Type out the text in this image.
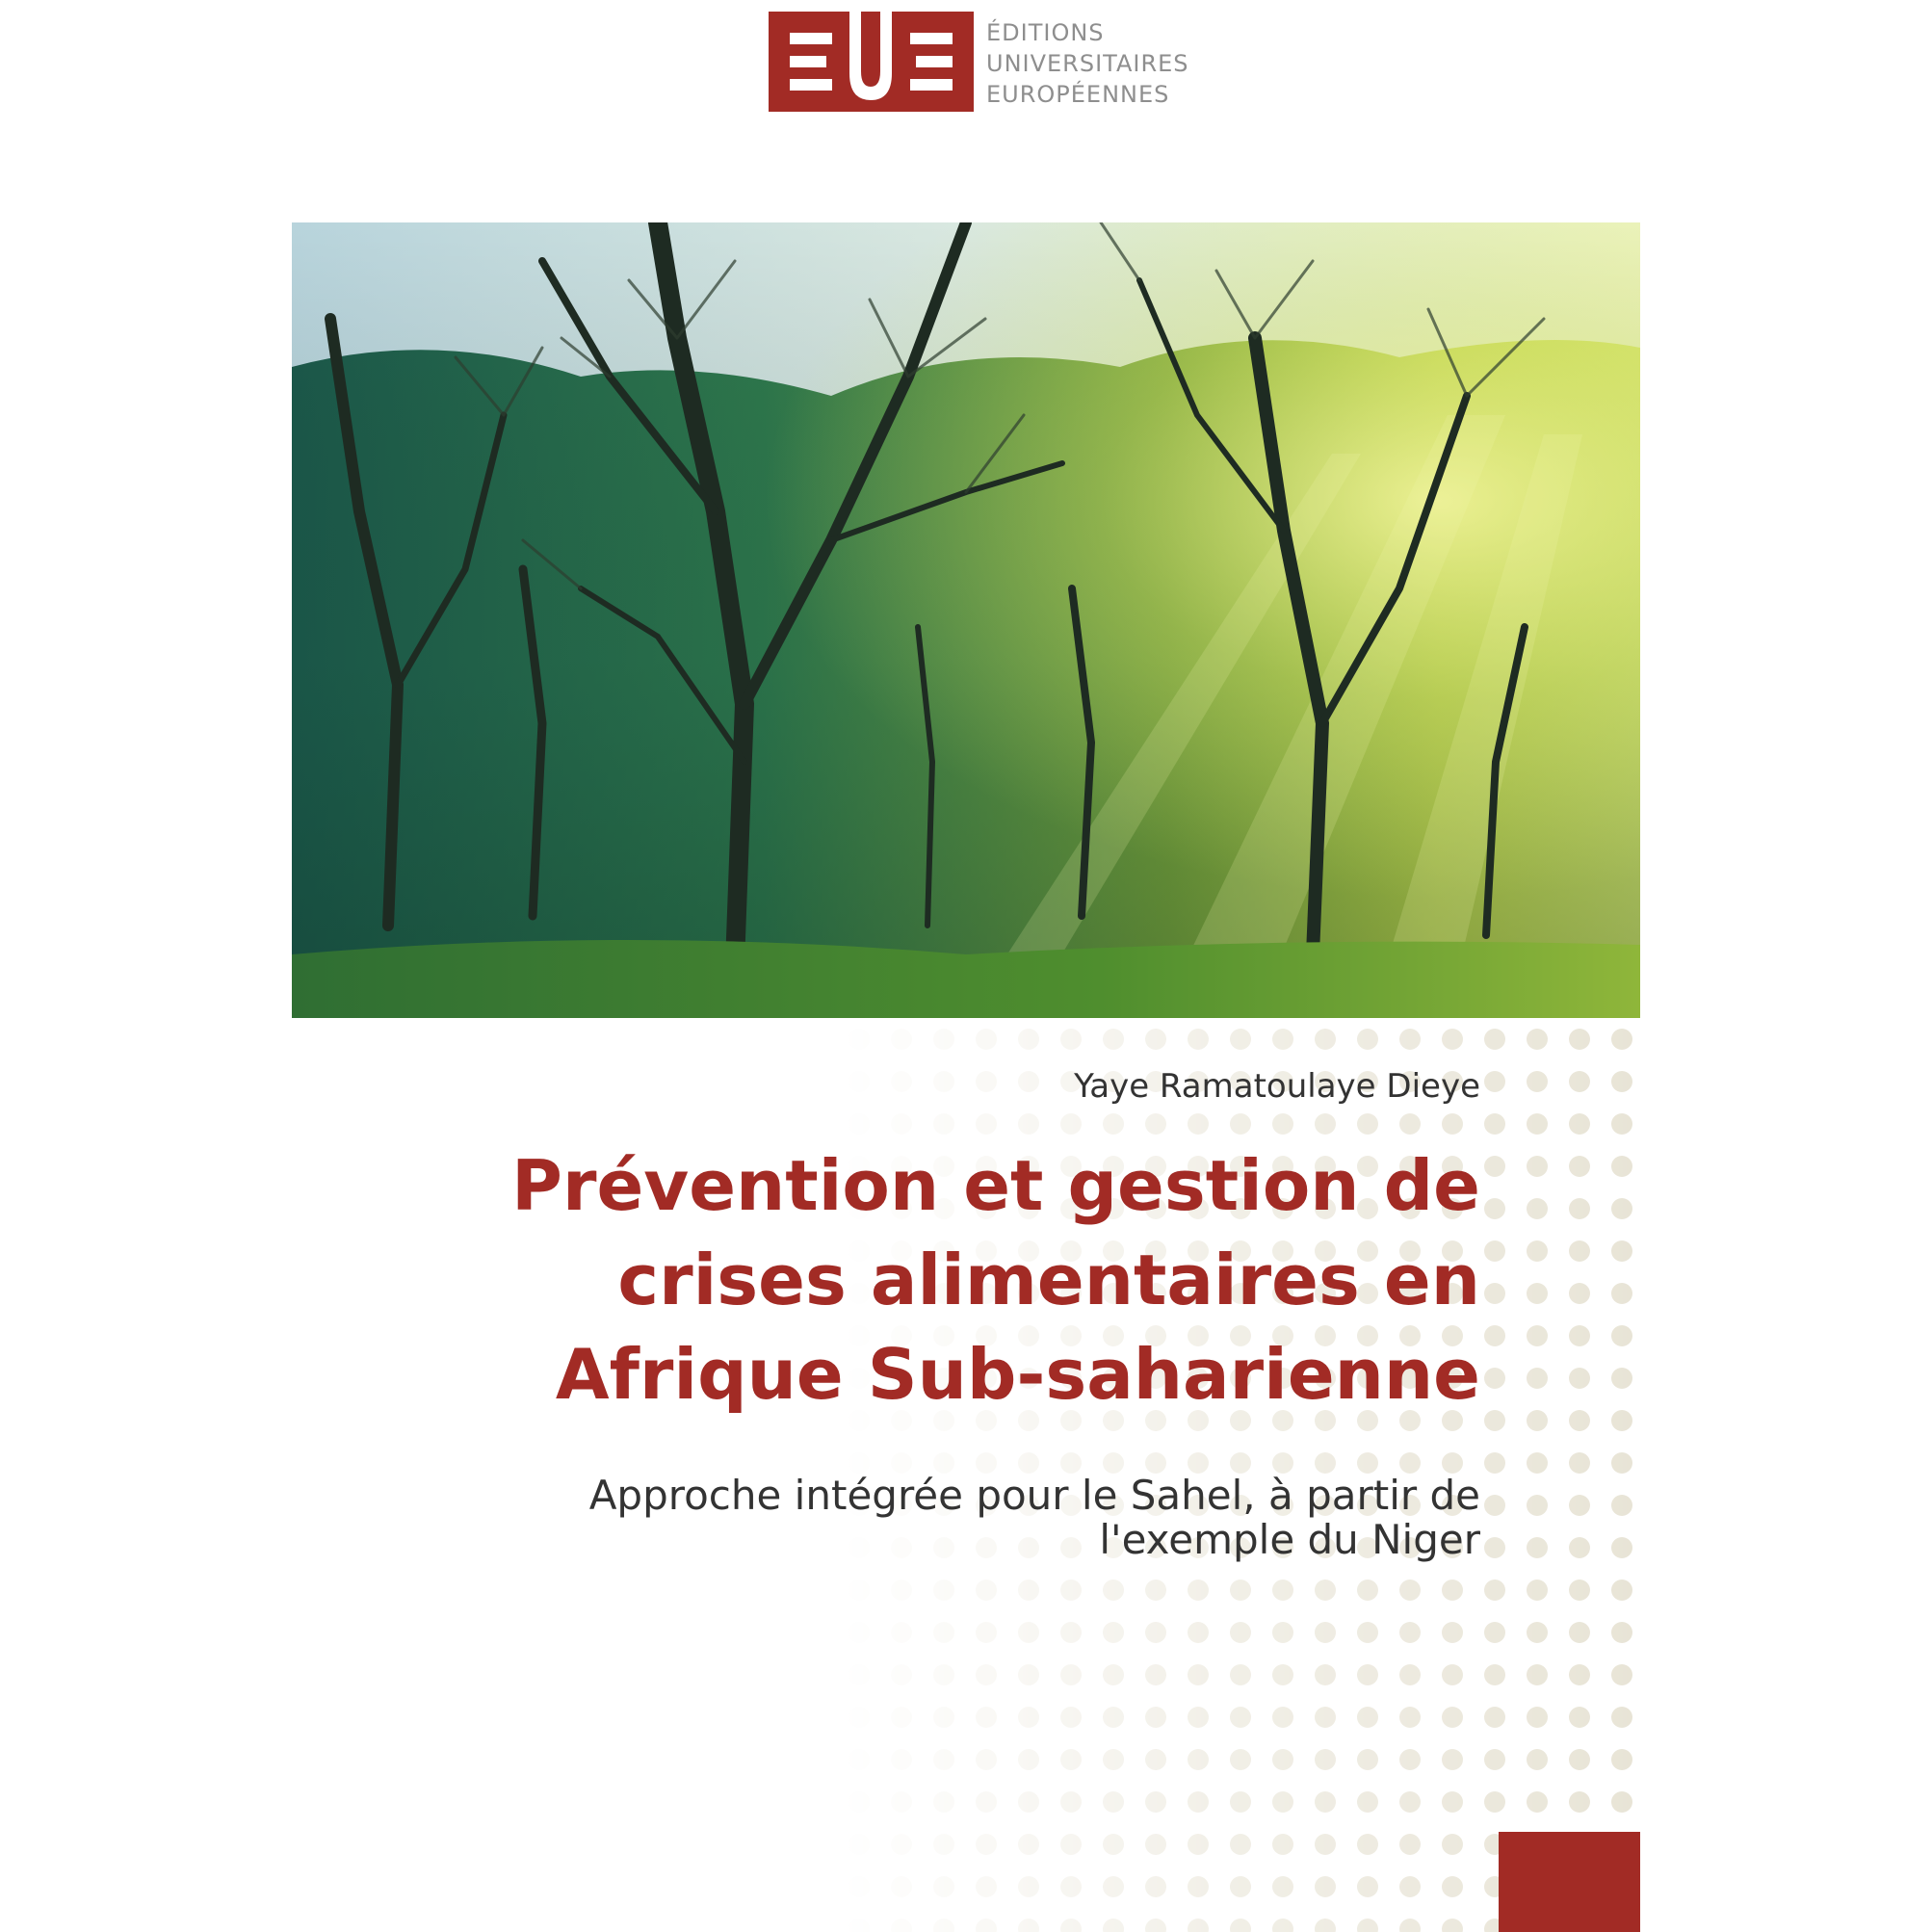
ÉDITIONS
UNIVERSITAIRES
EUROPÉENNES
Yaye Ramatoulaye Dieye
Prévention et gestion de
crises alimentaires en
Afrique Sub-saharienne
Approche intégrée pour le Sahel, à partir de
l'exemple du Niger
